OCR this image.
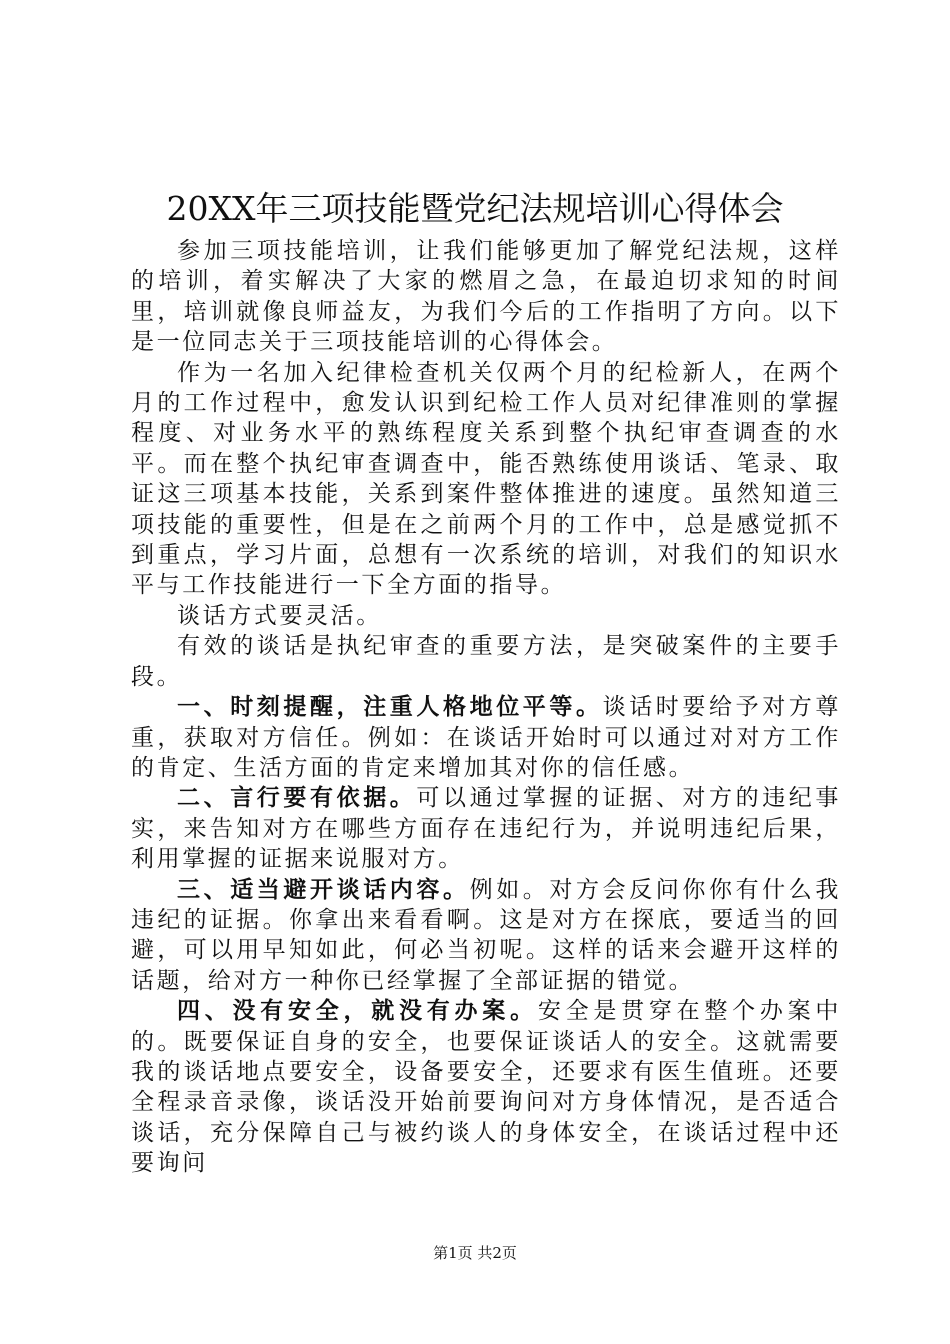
20XX年三项技能暨党纪法规培训心得体会

参加三项技能培训，让我们能够更加了解党纪法规，这样的培训，着实解决了大家的燃眉之急，在最迫切求知的时间里，培训就像良师益友，为我们今后的工作指明了方向。以下是一位同志关于三项技能培训的心得体会。

作为一名加入纪律检查机关仅两个月的纪检新人，在两个月的工作过程中，愈发认识到纪检工作人员对纪律准则的掌握程度、对业务水平的熟练程度关系到整个执纪审查调查的水平。而在整个执纪审查调查中，能否熟练使用谈话、笔录、取证这三项基本技能，关系到案件整体推进的速度。虽然知道三项技能的重要性，但是在之前两个月的工作中，总是感觉抓不到重点，学习片面，总想有一次系统的培训，对我们的知识水平与工作技能进行一下全方面的指导。

谈话方式要灵活。

有效的谈话是执纪审查的重要方法，是突破案件的主要手段。

一、时刻提醒，注重人格地位平等。谈话时要给予对方尊重，获取对方信任。例如：在谈话开始时可以通过对对方工作的肯定、生活方面的肯定来增加其对你的信任感。

二、言行要有依据。可以通过掌握的证据、对方的违纪事实，来告知对方在哪些方面存在违纪行为，并说明违纪后果，利用掌握的证据来说服对方。

三、适当避开谈话内容。例如。对方会反问你你有什么我违纪的证据。你拿出来看看啊。这是对方在探底，要适当的回避，可以用早知如此，何必当初呢。这样的话来会避开这样的话题，给对方一种你已经掌握了全部证据的错觉。

四、没有安全，就没有办案。安全是贯穿在整个办案中的。既要保证自身的安全，也要保证谈话人的安全。这就需要我的谈话地点要安全，设备要安全，还要求有医生值班。还要全程录音录像，谈话没开始前要询问对方身体情况，是否适合谈话，充分保障自己与被约谈人的身体安全，在谈话过程中还要询问

第1页 共2页
